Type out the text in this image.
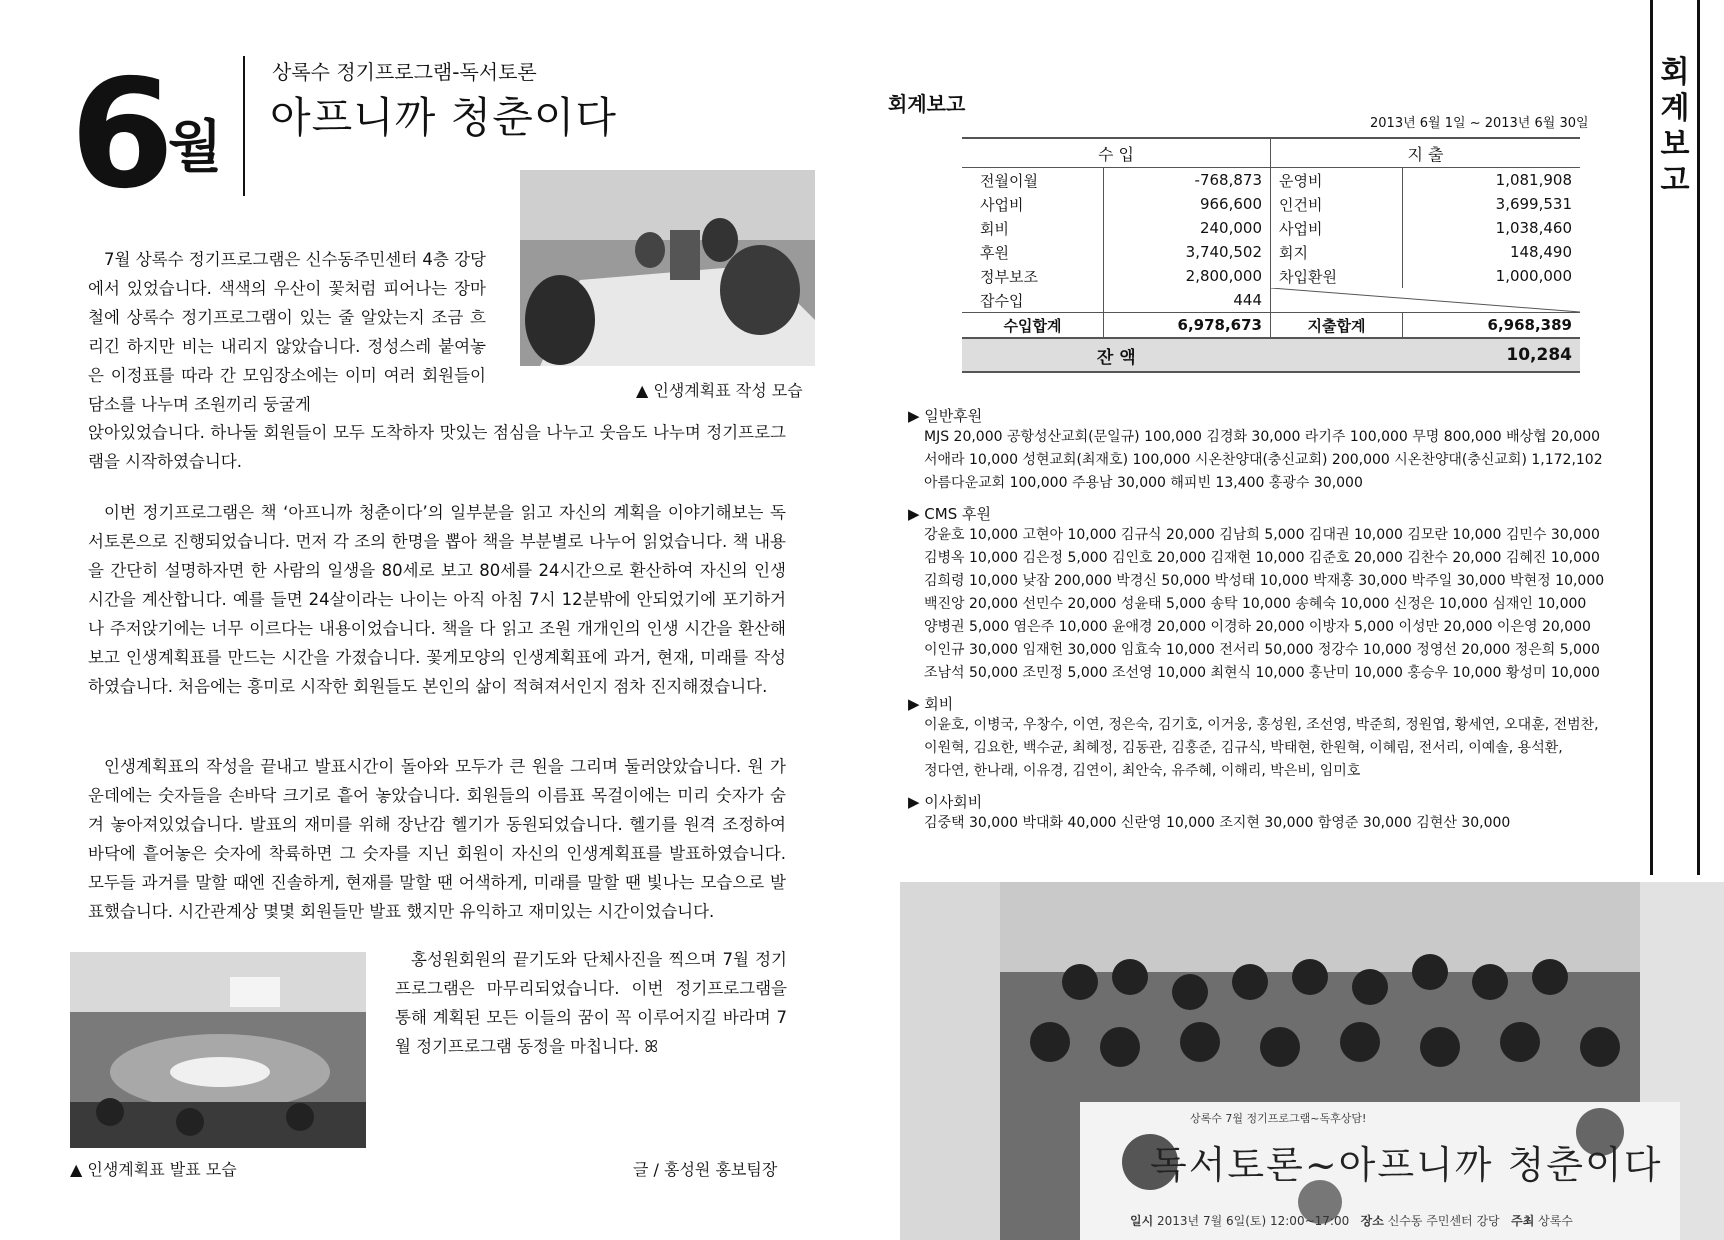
6 월
상록수 정기프로그램-독서토론
아프니까 청춘이다
▲ 인생계획표 작성 모습

7월 상록수 정기프로그램은 신수동주민센터 4층 강당에서 있었습니다. 색색의 우산이 꽃처럼 피어나는 장마철에 상록수 정기프로그램이 있는 줄 알았는지 조금 흐리긴 하지만 비는 내리지 않았습니다. 정성스레 붙여놓은 이정표를 따라 간 모임장소에는 이미 여러 회원들이 담소를 나누며 조원끼리 둥굴게

앉아있었습니다. 하나둘 회원들이 모두 도착하자 맛있는 점심을 나누고 웃음도 나누며 정기프로그램을 시작하였습니다.

이번 정기프로그램은 책 ‘아프니까 청춘이다’의 일부분을 읽고 자신의 계획을 이야기해보는 독서토론으로 진행되었습니다. 먼저 각 조의 한명을 뽑아 책을 부분별로 나누어 읽었습니다. 책 내용을 간단히 설명하자면 한 사람의 일생을 80세로 보고 80세를 24시간으로 환산하여 자신의 인생시간을 계산합니다. 예를 들면 24살이라는 나이는 아직 아침 7시 12분밖에 안되었기에 포기하거나 주저앉기에는 너무 이르다는 내용이었습니다. 책을 다 읽고 조원 개개인의 인생 시간을 환산해보고 인생계획표를 만드는 시간을 가졌습니다. 꽃게모양의 인생계획표에 과거, 현재, 미래를 작성하였습니다. 처음에는 흥미로 시작한 회원들도 본인의 삶이 적혀져서인지 점차 진지해졌습니다.

인생계획표의 작성을 끝내고 발표시간이 돌아와 모두가 큰 원을 그리며 둘러앉았습니다. 원 가운데에는 숫자들을 손바닥 크기로 흩어 놓았습니다. 회원들의 이름표 목걸이에는 미리 숫자가 숨겨 놓아져있었습니다. 발표의 재미를 위해 장난감 헬기가 동원되었습니다. 헬기를 원격 조정하여 바닥에 흩어놓은 숫자에 착륙하면 그 숫자를 지닌 회원이 자신의 인생계획표를 발표하였습니다. 모두들 과거를 말할 때엔 진솔하게, 현재를 말할 땐 어색하게, 미래를 말할 땐 빛나는 모습으로 발표했습니다. 시간관계상 몇몇 회원들만 발표 했지만 유익하고 재미있는 시간이었습니다.

▲ 인생계획표 발표 모습

홍성원회원의 끝기도와 단체사진을 찍으며 7월 정기프로그램은 마무리되었습니다. 이번 정기프로그램을 통해 계획된 모든 이들의 꿈이 꼭 이루어지길 바라며 7월 정기프로그램 동정을 마칩니다. ꕤ

글 / 홍성원 홍보팀장
회계보고
2013년 6월 1일 ~ 2013년 6월 30일
수 입		지 출	
전월이월	-768,873	운영비	1,081,908
사업비	966,600	인건비	3,699,531
회비	240,000	사업비	1,038,460
후원	3,740,502	회지	148,490
정부보조	2,800,000	차입환원	1,000,000
잡수입	444	

수입합계	6,978,673	지출합계	6,968,389
잔 액		10,284	
▶ 일반후원
MJS 20,000 공항성산교회(문일규) 100,000 김경화 30,000 라기주 100,000 무명 800,000 배상협 20,000
서애라 10,000 성현교회(최재호) 100,000 시온찬양대(충신교회) 200,000 시온찬양대(충신교회) 1,172,102
아름다운교회 100,000 주용남 30,000 해피빈 13,400 홍광수 30,000
▶ CMS 후원
강윤호 10,000 고현아 10,000 김규식 20,000 김남희 5,000 김대권 10,000 김모란 10,000 김민수 30,000
김병옥 10,000 김은정 5,000 김인호 20,000 김재현 10,000 김준호 20,000 김찬수 20,000 김혜진 10,000
김희령 10,000 낮잠 200,000 박경신 50,000 박성태 10,000 박재홍 30,000 박주일 30,000 박현정 10,000
백진앙 20,000 선민수 20,000 성윤태 5,000 송탁 10,000 송혜숙 10,000 신정은 10,000 심재인 10,000
양병권 5,000 염은주 10,000 윤애경 20,000 이경하 20,000 이방자 5,000 이성만 20,000 이은영 20,000
이인규 30,000 임재헌 30,000 임효숙 10,000 전서리 50,000 정강수 10,000 정영선 20,000 정은희 5,000
조남석 50,000 조민정 5,000 조선영 10,000 최현식 10,000 홍난미 10,000 홍승우 10,000 황성미 10,000
▶ 회비
이윤호, 이병국, 우창수, 이연, 정은숙, 김기호, 이거웅, 홍성원, 조선영, 박준희, 정원엽, 황세연, 오대훈, 전범찬,
이원혁, 김요한, 백수균, 최혜정, 김동관, 김홍준, 김규식, 박태현, 한원혁, 이혜림, 전서리, 이예솔, 용석환,
정다연, 한나래, 이유경, 김연이, 최안숙, 유주혜, 이해리, 박은비, 임미호
▶ 이사회비
김중택 30,000 박대화 40,000 신란영 10,000 조지현 30,000 함영준 30,000 김현산 30,000
상록수 7월 정기프로그램~독후상담!
독서토론~아프니까 청춘이다
일시 2013년 7월 6일(토) 12:00~17:00 장소 신수동 주민센터 강당 주최 상록수
회계보고
